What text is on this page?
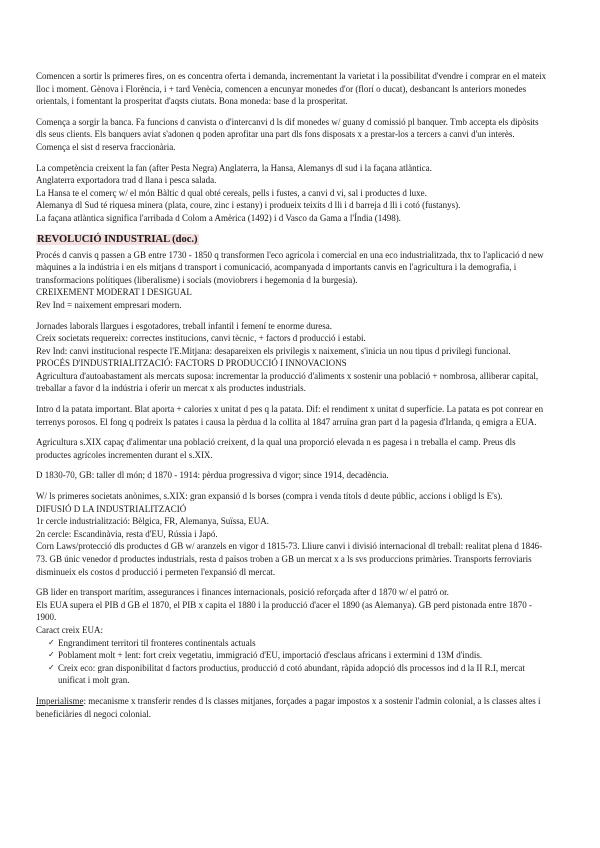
Comencen a sortir ls primeres fires, on es concentra oferta i demanda, incrementant la varietat i la possibilitat d'vendre i comprar en el mateix lloc i moment. Gènova i Florència, i + tard Venècia, comencen a encunyar monedes d'or (florí o ducat), desbancant ls anteriors monedes orientals, i fomentant la prosperitat d'aqsts ciutats. Bona moneda: base d la prosperitat.

Comença a sorgir la banca. Fa funcions d canvista o d'intercanvi d ls dif monedes w/ guany d comissió pl banquer. Tmb accepta els dipòsits dls seus clients. Els banquers aviat s'adonen q poden aprofitar una part dls fons disposats x a prestar-los a tercers a canvi d'un interès. Comença el sist d reserva fraccionària.

La competència creixent la fan (after Pesta Negra) Anglaterra, la Hansa, Alemanys dl sud i la façana atlàntica.

Anglaterra exportadora trad d llana i pesca salada.

La Hansa te el comerç w/ el món Bàltic d qual obté cereals, pells i fustes, a canvi d vi, sal i productes d luxe.

Alemanya dl Sud té riquesa minera (plata, coure, zinc i estany) i produeix teixits d lli i d barreja d lli i cotó (fustanys).

La façana atlàntica significa l'arribada d Colom a Amèrica (1492) i d Vasco da Gama a l'Índia (1498).

REVOLUCIÓ INDUSTRIAL (doc.)

Procés d canvis q passen a GB entre 1730 - 1850 q transformen l'eco agrícola i comercial en una eco industrialitzada, thx to l'aplicació d new màquines a la indústria i en els mitjans d transport i comunicació, acompanyada d importants canvis en l'agricultura i la demografia, i transformacions polítiques (liberalisme) i socials (moviobrers i hegemonia d la burgesia).

CREIXEMENT MODERAT I DESIGUAL

Rev Ind = naixement empresari modern.

Jornades laborals llargues i esgotadores, treball infantil i femení te enorme duresa.

Creix societats requereix: correctes institucions, canvi tècnic, + factors d producció i estabi.

Rev Ind: canvi institucional respecte l'E.Mitjana: desapareixen els privilegis x naixement, s'inicia un nou tipus d privilegi funcional.

PROCÉS D'INDUSTRIALITZACIÓ: FACTORS D PRODUCCIÓ I INNOVACIONS

Agricultura d'autoabastament als mercats suposa: incrementar la producció d'aliments x sostenir una població + nombrosa, alliberar capital, treballar a favor d la indústria i oferir un mercat x als productes industrials.

Intro d la patata important. Blat aporta + calories x unitat d pes q la patata. Dif: el rendiment x unitat d superfície. La patata es pot conrear en terrenys porosos. El fong q podreix ls patates i causa la pèrdua d la collita al 1847 arruïna gran part d la pagesia d'Irlanda, q emigra a EUA.

Agricultura s.XIX capaç d'alimentar una població creixent, d la qual una proporció elevada n es pagesa i n treballa el camp. Preus dls productes agrícoles incrementen durant el s.XIX.

D 1830-70, GB: taller dl món; d 1870 - 1914: pèrdua progressiva d vigor; since 1914, decadència.

W/ ls primeres societats anònimes, s.XIX: gran expansió d ls borses (compra i venda títols d deute públic, accions i obligd ls E's).

DIFUSIÓ D LA INDUSTRIALITZACIÓ

1r cercle industrialització: Bèlgica, FR, Alemanya, Suïssa, EUA.

2n cercle: Escandinàvia, resta d'EU, Rússia i Japó.

Corn Laws/protecció dls productes d GB w/ aranzels en vigor d 1815-73. Lliure canvi i divisió internacional dl treball: realitat plena d 1846-73. GB únic venedor d productes industrials, resta d països troben a GB un mercat x a ls svs produccions primàries. Transports ferroviaris disminueix els costos d producció i permeten l'expansió dl mercat.

GB lider en transport marítim, assegurances i finances internacionals, posició reforçada after d 1870 w/ el patró or.

Els EUA supera el PIB d GB el 1870, el PIB x capita el 1880 i la producció d'acer el 1890 (as Alemanya). GB perd pistonada entre 1870 - 1900.

Caract creix EUA:

✓ Engrandiment territori til fronteres continentals actuals
✓ Poblament molt + lent: fort creix vegetatiu, immigració d'EU, importació d'esclaus africans i extermini d 13M d'indis.
✓ Creix eco: gran disponibilitat d factors productius, producció d cotó abundant, ràpida adopció dls processos ind d la II R.I, mercat unificat i molt gran.

Imperialisme: mecanisme x transferir rendes d ls classes mitjanes, forçades a pagar impostos x a sostenir l'admin colonial, a ls classes altes i beneficiàries dl negoci colonial.
